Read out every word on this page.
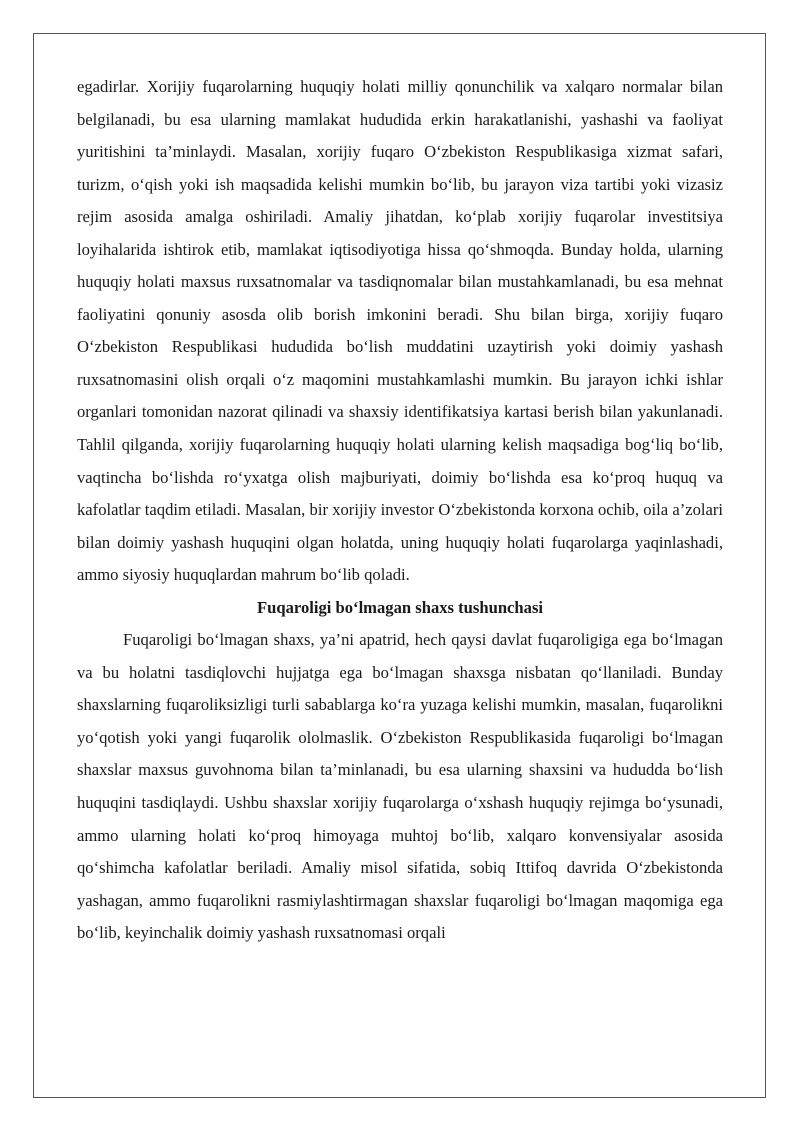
egadirlar. Xorijiy fuqarolarning huquqiy holati milliy qonunchilik va xalqaro normalar bilan belgilanadi, bu esa ularning mamlakat hududida erkin harakatlanishi, yashashi va faoliyat yuritishini ta’minlaydi. Masalan, xorijiy fuqaro O‘zbekiston Respublikasiga xizmat safari, turizm, o‘qish yoki ish maqsadida kelishi mumkin bo‘lib, bu jarayon viza tartibi yoki vizasiz rejim asosida amalga oshiriladi. Amaliy jihatdan, ko‘plab xorijiy fuqarolar investitsiya loyihalarida ishtirok etib, mamlakat iqtisodiyotiga hissa qo‘shmoqda. Bunday holda, ularning huquqiy holati maxsus ruxsatnomalar va tasdiqnomalar bilan mustahkamlanadi, bu esa mehnat faoliyatini qonuniy asosda olib borish imkonini beradi. Shu bilan birga, xorijiy fuqaro O‘zbekiston Respublikasi hududida bo‘lish muddatini uzaytirish yoki doimiy yashash ruxsatnomasini olish orqali o‘z maqomini mustahkamlashi mumkin. Bu jarayon ichki ishlar organlari tomonidan nazorat qilinadi va shaxsiy identifikatsiya kartasi berish bilan yakunlanadi. Tahlil qilganda, xorijiy fuqarolarning huquqiy holati ularning kelish maqsadiga bog‘liq bo‘lib, vaqtincha bo‘lishda ro‘yxatga olish majburiyati, doimiy bo‘lishda esa ko‘proq huquq va kafolatlar taqdim etiladi. Masalan, bir xorijiy investor O‘zbekistonda korxona ochib, oila a’zolari bilan doimiy yashash huquqini olgan holatda, uning huquqiy holati fuqarolarga yaqinlashadi, ammo siyosiy huquqlardan mahrum bo‘lib qoladi.

Fuqaroligi bo‘lmagan shaxs tushunchasi

Fuqaroligi bo‘lmagan shaxs, ya’ni apatrid, hech qaysi davlat fuqaroligiga ega bo‘lmagan va bu holatni tasdiqlovchi hujjatga ega bo‘lmagan shaxsga nisbatan qo‘llaniladi. Bunday shaxslarning fuqaroliksizligi turli sabablarga ko‘ra yuzaga kelishi mumkin, masalan, fuqarolikni yo‘qotish yoki yangi fuqarolik ololmaslik. O‘zbekiston Respublikasida fuqaroligi bo‘lmagan shaxslar maxsus guvohnoma bilan ta’minlanadi, bu esa ularning shaxsini va hududda bo‘lish huquqini tasdiqlaydi. Ushbu shaxslar xorijiy fuqarolarga o‘xshash huquqiy rejimga bo‘ysunadi, ammo ularning holati ko‘proq himoyaga muhtoj bo‘lib, xalqaro konvensiyalar asosida qo‘shimcha kafolatlar beriladi. Amaliy misol sifatida, sobiq Ittifoq davrida O‘zbekistonda yashagan, ammo fuqarolikni rasmiylashtirmagan shaxslar fuqaroligi bo‘lmagan maqomiga ega bo‘lib, keyinchalik doimiy yashash ruxsatnomasi orqali
